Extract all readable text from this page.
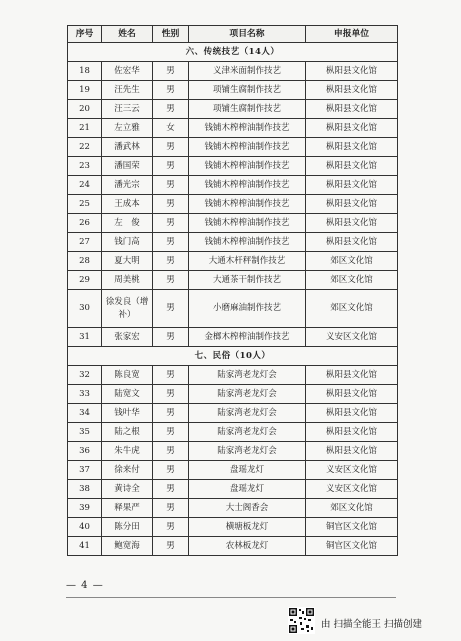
序号	姓名	性别	项目名称	申报单位
六、传统技艺（14人）				
18	佐宏华	男	义津米面制作技艺	枞阳县文化馆
19	汪先生	男	项铺生腐制作技艺	枞阳县文化馆
20	汪三云	男	项铺生腐制作技艺	枞阳县文化馆
21	左立雅	女	钱铺木榨榨油制作技艺	枞阳县文化馆
22	潘武林	男	钱铺木榨榨油制作技艺	枞阳县文化馆
23	潘国荣	男	钱铺木榨榨油制作技艺	枞阳县文化馆
24	潘光宗	男	钱铺木榨榨油制作技艺	枞阳县文化馆
25	王成本	男	钱铺木榨榨油制作技艺	枞阳县文化馆
26	左　俊	男	钱铺木榨榨油制作技艺	枞阳县文化馆
27	钱门高	男	钱铺木榨榨油制作技艺	枞阳县文化馆
28	夏大明	男	大通木杆秤制作技艺	郊区文化馆
29	周美桃	男	大通茶干制作技艺	郊区文化馆
30	徐发良（增补）	男	小磨麻油制作技艺	郊区文化馆
31	张家宏	男	金榔木榨榨油制作技艺	义安区文化馆
七、民俗（10人）				
32	陈良宽	男	陆家湾老龙灯会	枞阳县文化馆
33	陆宽文	男	陆家湾老龙灯会	枞阳县文化馆
34	钱叶华	男	陆家湾老龙灯会	枞阳县文化馆
35	陆之根	男	陆家湾老龙灯会	枞阳县文化馆
36	朱牛虎	男	陆家湾老龙灯会	枞阳县文化馆
37	徐来付	男	盘瑶龙灯	义安区文化馆
38	黄诗全	男	盘瑶龙灯	义安区文化馆
39	释果严	男	大士阁香会	郊区文化馆
40	陈分田	男	横塘板龙灯	铜官区文化馆
41	鲍宽海	男	农林板龙灯	铜官区文化馆
— 4 —
由 扫描全能王 扫描创建
